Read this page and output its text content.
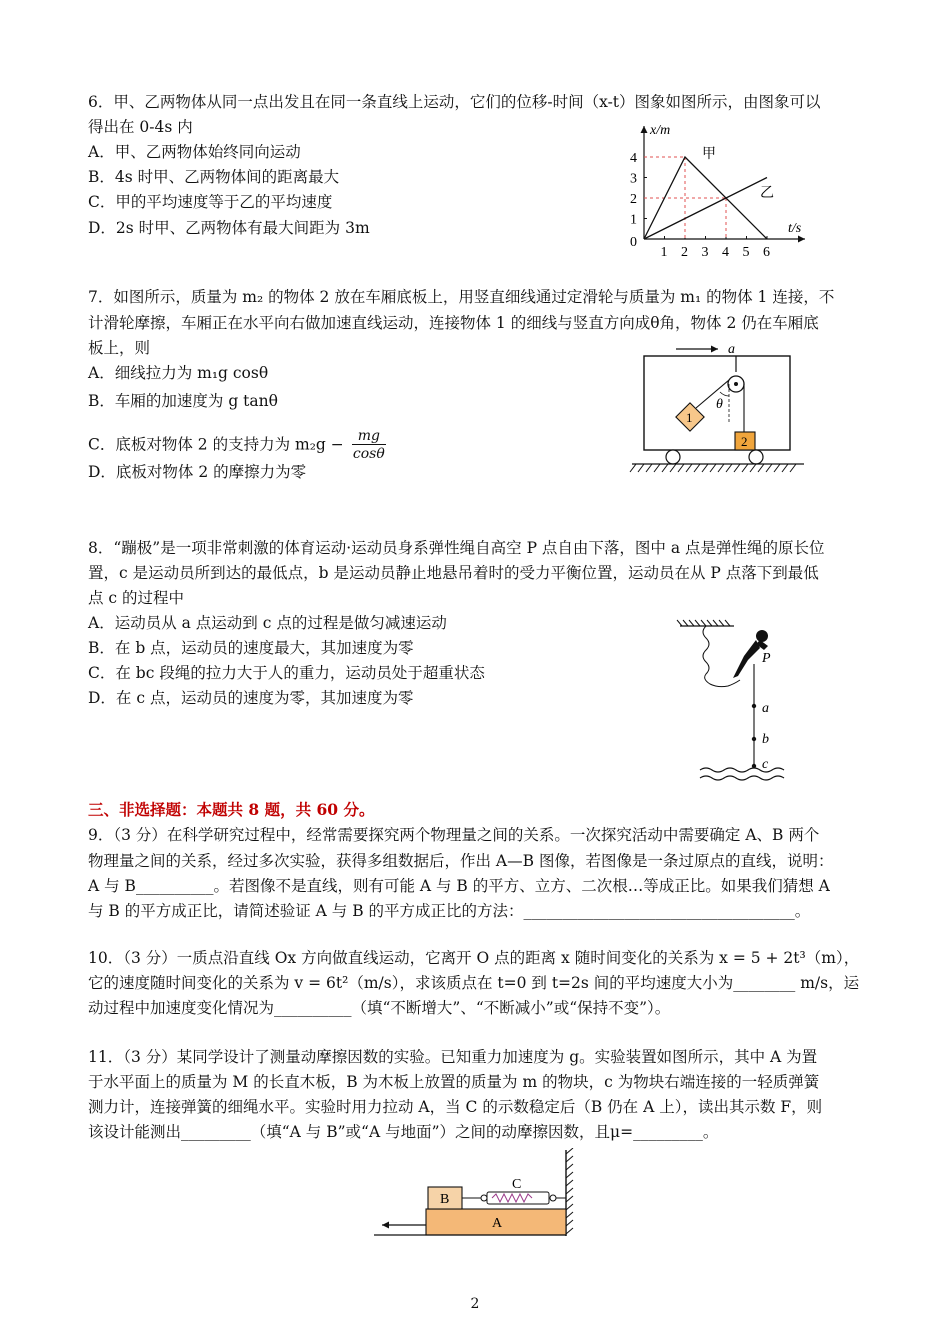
6．甲、乙两物体从同一点出发且在同一条直线上运动，它们的位移-时间（x-t）图象如图所示，由图象可以
得出在 0-4s 内
A．甲、乙两物体始终同向运动
B．4s 时甲、乙两物体间的距离最大
C．甲的平均速度等于乙的平均速度
D．2s 时甲、乙两物体有最大间距为 3m
x/m
t/s
0
1 2 3 4 5 6
1
2
3
4	甲
乙
7．如图所示，质量为 m₂ 的物体 2 放在车厢底板上，用竖直细线通过定滑轮与质量为 m₁ 的物体 1 连接，不
计滑轮摩擦，车厢正在水平向右做加速直线运动，连接物体 1 的细线与竖直方向成θ角，物体 2 仍在车厢底
板上，则
A．细线拉力为 m₁g cosθ
B．车厢的加速度为 g tanθ
C．底板对物体 2 的支持力为 $m_2g - \frac{mg}{\cos\theta}$
D．底板对物体 2 的摩擦力为零
a
θ
1
2
8．“蹦极”是一项非常刺激的体育运动·运动员身系弹性绳自高空 P 点自由下落，图中 a 点是弹性绳的原长位
置，c 是运动员所到达的最低点，b 是运动员静止地悬吊着时的受力平衡位置，运动员在从 P 点落下到最低
点 c 的过程中
A．运动员从 a 点运动到 c 点的过程是做匀减速运动
B．在 b 点，运动员的速度最大，其加速度为零
C．在 bc 段绳的拉力大于人的重力，运动员处于超重状态
D．在 c 点，运动员的速度为零，其加速度为零
P
a
b
c
三、非选择题：本题共 8 题，共 60 分。
9．（3 分）在科学研究过程中，经常需要探究两个物理量之间的关系。一次探究活动中需要确定 A、B 两个
物理量之间的关系，经过多次实验，获得多组数据后，作出 A—B 图像，若图像是一条过原点的直线，说明：
A 与 B__________。若图像不是直线，则有可能 A 与 B 的平方、立方、二次根…等成正比。如果我们猜想 A
与 B 的平方成正比，请简述验证 A 与 B 的平方成正比的方法：___________________________________。
10．（3 分）一质点沿直线 Ox 方向做直线运动，它离开 O 点的距离 x 随时间变化的关系为 x = 5 + 2t³（m），
它的速度随时间变化的关系为 v = 6t²（m/s），求该质点在 t=0 到 t=2s 间的平均速度大小为________ m/s，运
动过程中加速度变化情况为__________（填“不断增大”、“不断减小”或“保持不变”）。
11．（3 分）某同学设计了测量动摩擦因数的实验。已知重力加速度为 g。实验装置如图所示，其中 A 为置
于水平面上的质量为 M 的长直木板，B 为木板上放置的质量为 m 的物块，c 为物块右端连接的一轻质弹簧
测力计，连接弹簧的细绳水平。实验时用力拉动 A，当 C 的示数稳定后（B 仍在 A 上），读出其示数 F，则
该设计能测出_________（填“A 与 B”或“A 与地面”）之间的动摩擦因数，且μ=_________。
A
B
C
2
